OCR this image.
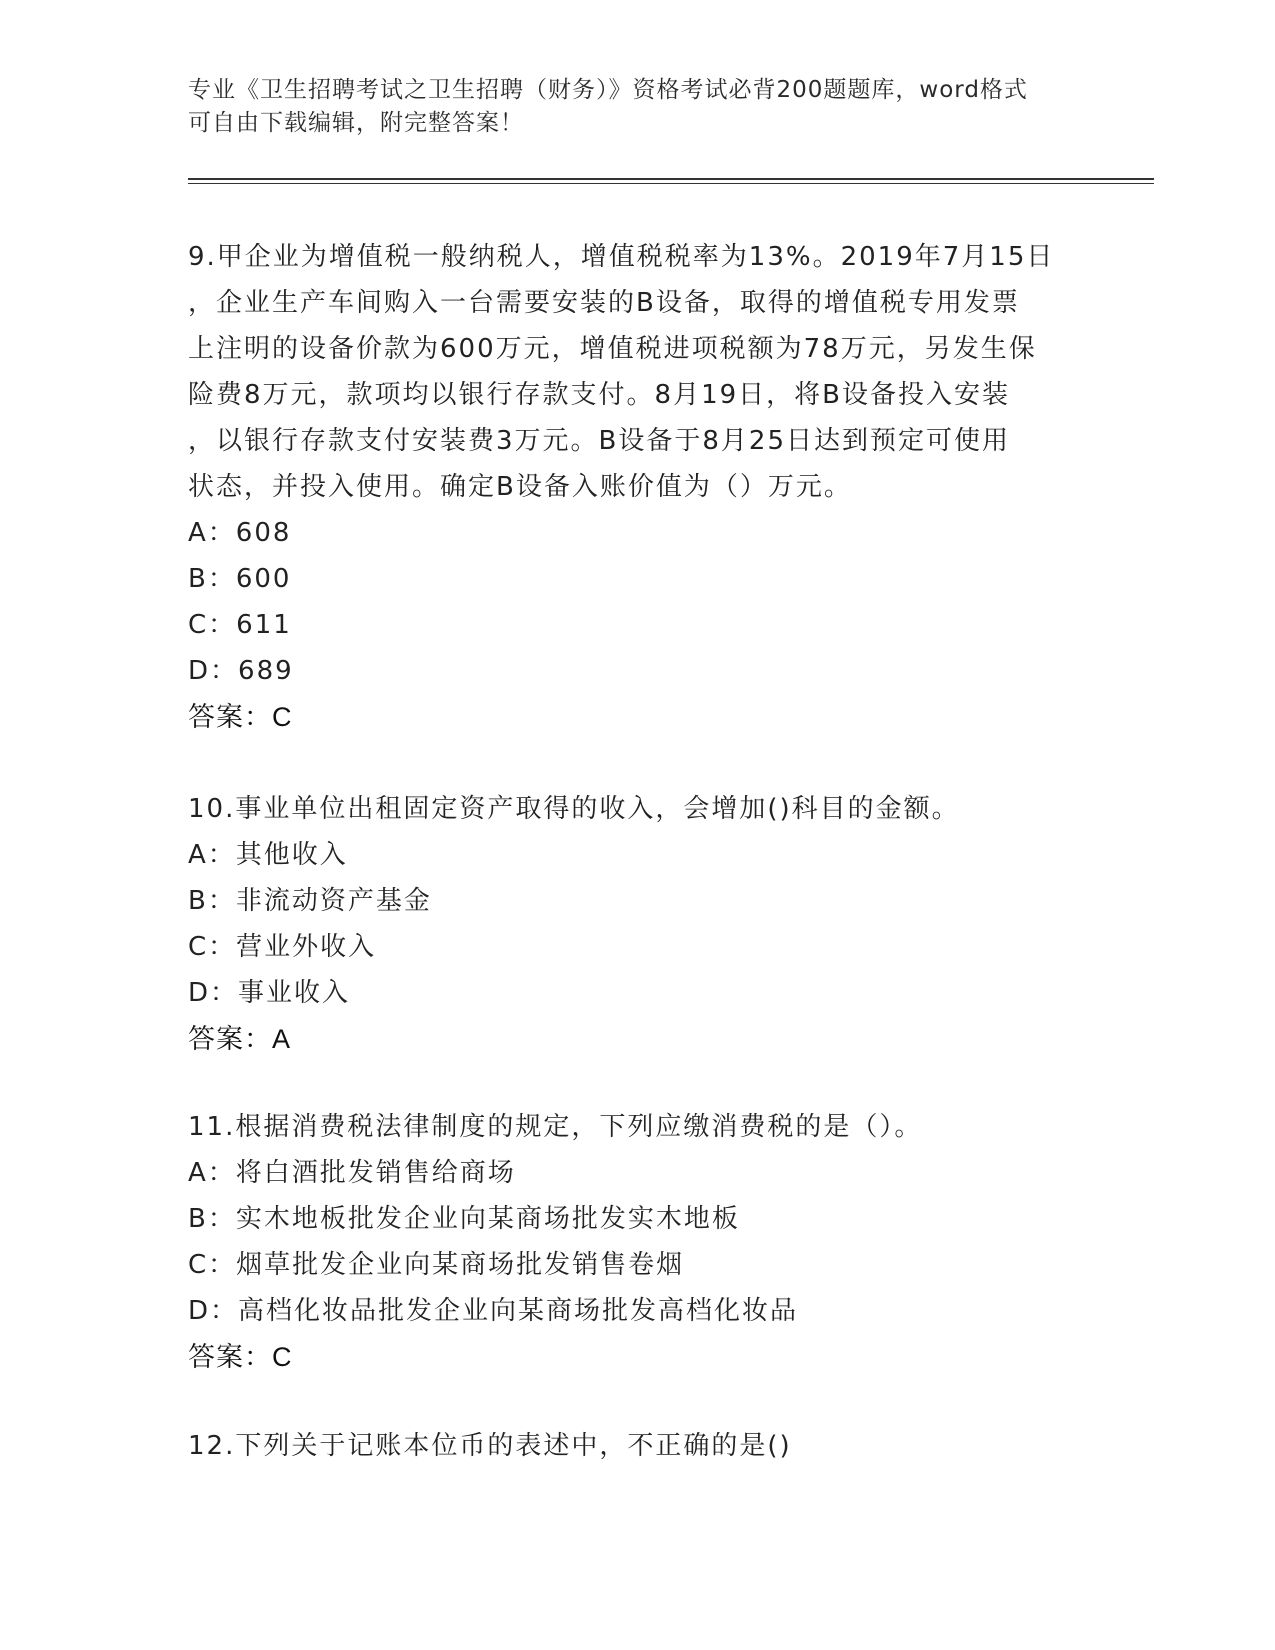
专业《卫生招聘考试之卫生招聘（财务）》资格考试必背200题题库，word格式
可自由下载编辑，附完整答案！
9.甲企业为增值税一般纳税人，增值税税率为13%。2019年7月15日
，企业生产车间购入一台需要安装的B设备，取得的增值税专用发票
上注明的设备价款为600万元，增值税进项税额为78万元，另发生保
险费8万元，款项均以银行存款支付。8月19日，将B设备投入安装
，以银行存款支付安装费3万元。B设备于8月25日达到预定可使用
状态，并投入使用。确定B设备入账价值为（）万元。
A：608
B：600
C：611
D：689
答案：C
10.事业单位出租固定资产取得的收入，会增加()科目的金额。
A：其他收入
B：非流动资产基金
C：营业外收入
D：事业收入
答案：A
11.根据消费税法律制度的规定，下列应缴消费税的是（）。
A：将白酒批发销售给商场
B：实木地板批发企业向某商场批发实木地板
C：烟草批发企业向某商场批发销售卷烟
D：高档化妆品批发企业向某商场批发高档化妆品
答案：C
12.下列关于记账本位币的表述中，不正确的是()
